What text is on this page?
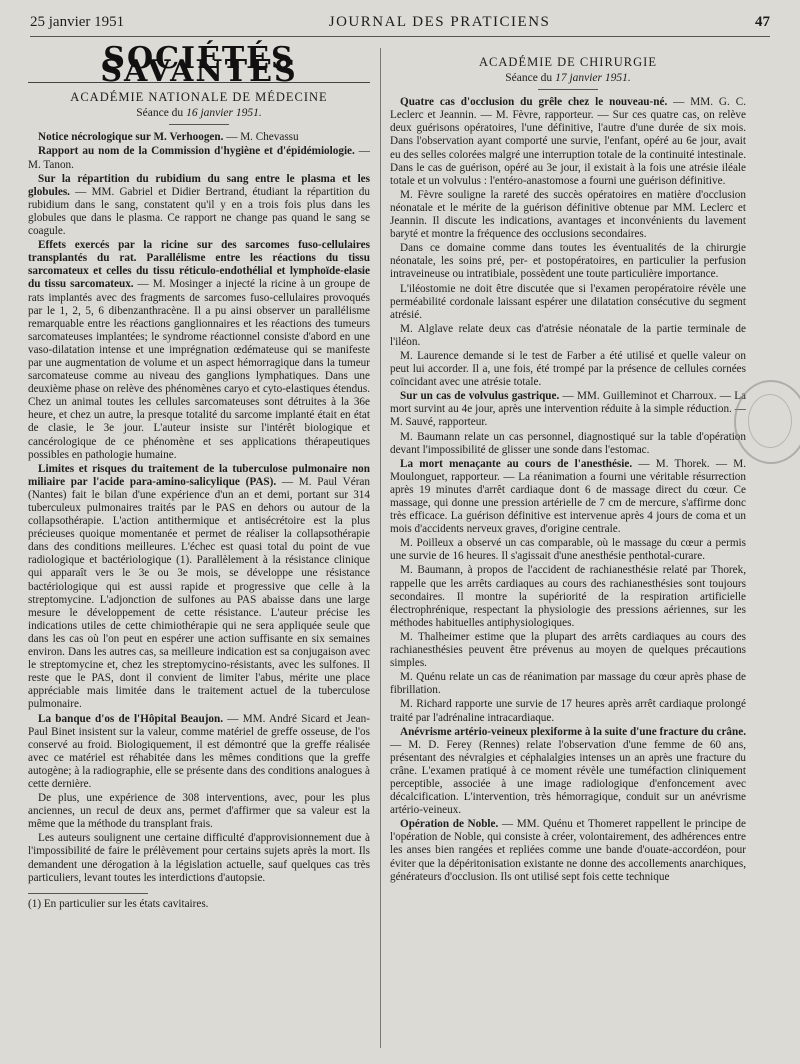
25 janvier 1951	JOURNAL DES PRATICIENS	47
SOCIÉTÉS SAVANTES
ACADÉMIE NATIONALE DE MÉDECINE
Séance du 16 janvier 1951.

Notice nécrologique sur M. Verhoogen. — M. Chevassu

Rapport au nom de la Commission d'hygiène et d'épidémiologie. — M. Tanon.

Sur la répartition du rubidium du sang entre le plasma et les globules. — MM. Gabriel et Didier Bertrand, étudiant la répartition du rubidium dans le sang, constatent qu'il y en a trois fois plus dans les globules que dans le plasma. Ce rapport ne change pas quand le sang se coagule.

Effets exercés par la ricine sur des sarcomes fuso-cellulaires transplantés du rat. Parallélisme entre les réactions du tissu sarcomateux et celles du tissu réticulo-endothélial et lymphoïde-elasie du tissu sarcomateux. — M. Mosinger a injecté la ricine à un groupe de rats implantés avec des fragments de sarcomes fuso-cellulaires provoqués par le 1, 2, 5, 6 dibenzanthracène. Il a pu ainsi observer un parallélisme remarquable entre les réactions ganglionnaires et les réactions des tumeurs sarcomateuses implantées; le syndrome réactionnel consiste d'abord en une vaso-dilatation intense et une imprégnation œdémateuse qui se manifeste par une augmentation de volume et un aspect hémorragique dans la tumeur sarcomateuse comme au niveau des ganglions lymphatiques. Dans une deuxième phase on relève des phénomènes caryo et cyto-elastiques étendus. Chez un animal toutes les cellules sarcomateuses sont détruites à la 36e heure, et chez un autre, la presque totalité du sarcome implanté était en état de clasie, le 3e jour. L'auteur insiste sur l'intérêt biologique et cancérologique de ce phénomène et ses applications thérapeutiques possibles en pathologie humaine.

Limites et risques du traitement de la tuberculose pulmonaire non miliaire par l'acide para-amino-salicylique (PAS). — M. Paul Véran (Nantes) fait le bilan d'une expérience d'un an et demi, portant sur 314 tuberculeux pulmonaires traités par le PAS en dehors ou autour de la collapsothérapie. L'action antithermique et antisécrétoire est la plus précieuses quoique momentanée et permet de réaliser la collapsothérapie dans des conditions meilleures. L'échec est quasi total du point de vue radiologique et bactériologique (1). Parallèlement à la résistance clinique qui apparaît vers le 3e ou 3e mois, se développe une résistance bactériologique qui est aussi rapide et progressive que celle à la streptomycine. L'adjonction de sulfones au PAS abaisse dans une large mesure le développement de cette résistance. L'auteur précise les indications utiles de cette chimiothérapie qui ne sera appliquée seule que dans les cas où l'on peut en espérer une action suffisante en six semaines environ. Dans les autres cas, sa meilleure indication est sa conjugaison avec le streptomycine et, chez les streptomycino-résistants, avec les sulfones. Il reste que le PAS, dont il convient de limiter l'abus, mérite une place appréciable mais limitée dans le traitement actuel de la tuberculose pulmonaire.

La banque d'os de l'Hôpital Beaujon. — MM. André Sicard et Jean-Paul Binet insistent sur la valeur, comme matériel de greffe osseuse, de l'os conservé au froid. Biologiquement, il est démontré que la greffe réalisée avec ce matériel est réhabitée dans les mêmes conditions que la greffe autogène; à la radiographie, elle se présente dans des conditions analogues à cette dernière.

De plus, une expérience de 308 interventions, avec, pour les plus anciennes, un recul de deux ans, permet d'affirmer que sa valeur est la même que la méthode du transplant frais.

Les auteurs soulignent une certaine difficulté d'approvisionnement due à l'impossibilité de faire le prélèvement pour certains sujets après la mort. Ils demandent une dérogation à la législation actuelle, sauf quelques cas très particuliers, levant toutes les interdictions d'autopsie.

(1) En particulier sur les états cavitaires.

ACADÉMIE DE CHIRURGIE
Séance du 17 janvier 1951.

Quatre cas d'occlusion du grêle chez le nouveau-né. — MM. G. C. Leclerc et Jeannin. — M. Fèvre, rapporteur. — Sur ces quatre cas, on relève deux guérisons opératoires, l'une définitive, l'autre d'une durée de six mois. Dans l'observation ayant comporté une survie, l'enfant, opéré au 6e jour, avait eu des selles colorées malgré une interruption totale de la continuité intestinale. Dans le cas de guérison, opéré au 3e jour, il existait à la fois une atrésie iléale totale et un volvulus : l'entéro-anastomose a fourni une guérison définitive.

M. Fèvre souligne la rareté des succès opératoires en matière d'occlusion néonatale et le mérite de la guérison définitive obtenue par MM. Leclerc et Jeannin. Il discute les indications, avantages et inconvénients du lavement baryté et montre la fréquence des occlusions secondaires.

Dans ce domaine comme dans toutes les éventualités de la chirurgie néonatale, les soins pré, per- et postopératoires, en particulier la perfusion intraveineuse ou intratibiale, possèdent une toute particulière importance.

L'iléostomie ne doit être discutée que si l'examen peropératoire révèle une perméabilité cordonale laissant espérer une dilatation consécutive du segment atrésié.

M. Alglave relate deux cas d'atrésie néonatale de la partie terminale de l'iléon.

M. Laurence demande si le test de Farber a été utilisé et quelle valeur on peut lui accorder. Il a, une fois, été trompé par la présence de cellules cornées coïncidant avec une atrésie totale.

Sur un cas de volvulus gastrique. — MM. Guilleminot et Charroux. — La mort survint au 4e jour, après une intervention réduite à la simple réduction. — M. Sauvé, rapporteur.

M. Baumann relate un cas personnel, diagnostiqué sur la table d'opération devant l'impossibilité de glisser une sonde dans l'estomac.

La mort menaçante au cours de l'anesthésie. — M. Thorek. — M. Moulonguet, rapporteur. — La réanimation a fourni une véritable résurrection après 19 minutes d'arrêt cardiaque dont 6 de massage direct du cœur. Ce massage, qui donne une pression artérielle de 7 cm de mercure, s'affirme donc très efficace. La guérison définitive est intervenue après 4 jours de coma et un mois d'accidents nerveux graves, d'origine centrale.

M. Poilleux a observé un cas comparable, où le massage du cœur a permis une survie de 16 heures. Il s'agissait d'une anesthésie penthotal-curare.

M. Baumann, à propos de l'accident de rachianesthésie relaté par Thorek, rappelle que les arrêts cardiaques au cours des rachianesthésies sont toujours secondaires. Il montre la supériorité de la respiration artificielle électrophrénique, respectant la physiologie des pressions aériennes, sur les méthodes habituelles antiphysiologiques.

M. Thalheimer estime que la plupart des arrêts cardiaques au cours des rachianesthésies peuvent être prévenus au moyen de quelques précautions simples.

M. Quénu relate un cas de réanimation par massage du cœur après phase de fibrillation.

M. Richard rapporte une survie de 17 heures après arrêt cardiaque prolongé traité par l'adrénaline intracardiaque.

Anévrisme artério-veineux plexiforme à la suite d'une fracture du crâne. — M. D. Ferey (Rennes) relate l'observation d'une femme de 60 ans, présentant des névralgies et céphalalgies intenses un an après une fracture du crâne. L'examen pratiqué à ce moment révèle une tuméfaction cliniquement perceptible, associée à une image radiologique d'enfoncement avec décalcification. L'intervention, très hémorragique, conduit sur un anévrisme artério-veineux.

Opération de Noble. — MM. Quénu et Thomeret rappellent le principe de l'opération de Noble, qui consiste à créer, volontairement, des adhérences entre les anses bien rangées et repliées comme une bande d'ouate-accordéon, pour éviter que la dépéritonisation existante ne donne des accollements anarchiques, générateurs d'occlusion. Ils ont utilisé sept fois cette technique
